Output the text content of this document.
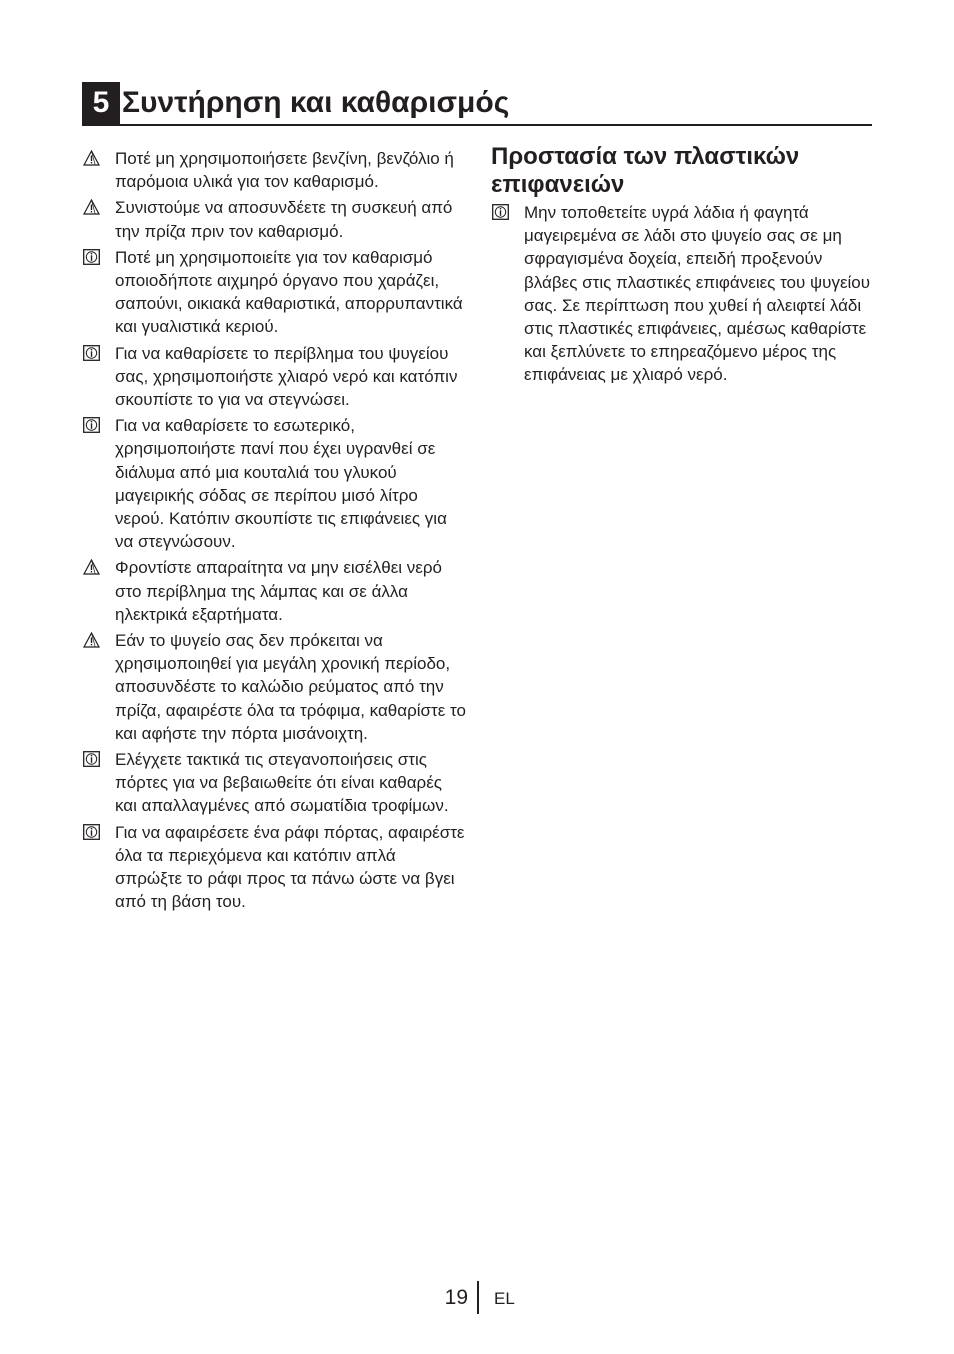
5 Συντήρηση και καθαρισμός
Ποτέ μη χρησιμοποιήσετε βενζίνη, βενζόλιο ή παρόμοια υλικά για τον καθαρισμό.
Συνιστούμε να αποσυνδέετε τη συσκευή από την πρίζα πριν τον καθαρισμό.
Ποτέ μη χρησιμοποιείτε για τον καθαρισμό οποιοδήποτε αιχμηρό όργανο που χαράζει, σαπούνι, οικιακά καθαριστικά, απορρυπαντικά και γυαλιστικά κεριού.
Για να καθαρίσετε το περίβλημα του ψυγείου σας, χρησιμοποιήστε χλιαρό νερό και κατόπιν σκουπίστε το για να στεγνώσει.
Για να καθαρίσετε το εσωτερικό, χρησιμοποιήστε πανί που έχει υγρανθεί σε διάλυμα από μια κουταλιά του γλυκού μαγειρικής σόδας σε περίπου μισό λίτρο νερού. Κατόπιν σκουπίστε τις επιφάνειες για να στεγνώσουν.
Φροντίστε απαραίτητα να μην εισέλθει νερό στο περίβλημα της λάμπας και σε άλλα ηλεκτρικά εξαρτήματα.
Εάν το ψυγείο σας δεν πρόκειται να χρησιμοποιηθεί για μεγάλη χρονική περίοδο, αποσυνδέστε το καλώδιο ρεύματος από την πρίζα, αφαιρέστε όλα τα τρόφιμα, καθαρίστε το και αφήστε την πόρτα μισάνοιχτη.
Ελέγχετε τακτικά τις στεγανοποιήσεις στις πόρτες για να βεβαιωθείτε ότι είναι καθαρές και απαλλαγμένες από σωματίδια τροφίμων.
Για να αφαιρέσετε ένα ράφι πόρτας, αφαιρέστε όλα τα περιεχόμενα και κατόπιν απλά σπρώξτε το ράφι προς τα πάνω ώστε να βγει από τη βάση του.
Προστασία των πλαστικών επιφανειών
Μην τοποθετείτε υγρά λάδια ή φαγητά μαγειρεμένα σε λάδι στο ψυγείο σας σε μη σφραγισμένα δοχεία, επειδή προξενούν βλάβες στις πλαστικές επιφάνειες του ψυγείου σας. Σε περίπτωση που χυθεί ή αλειφτεί λάδι στις πλαστικές επιφάνειες, αμέσως καθαρίστε και ξεπλύνετε το επηρεαζόμενο μέρος της επιφάνειας με χλιαρό νερό.
19 EL
